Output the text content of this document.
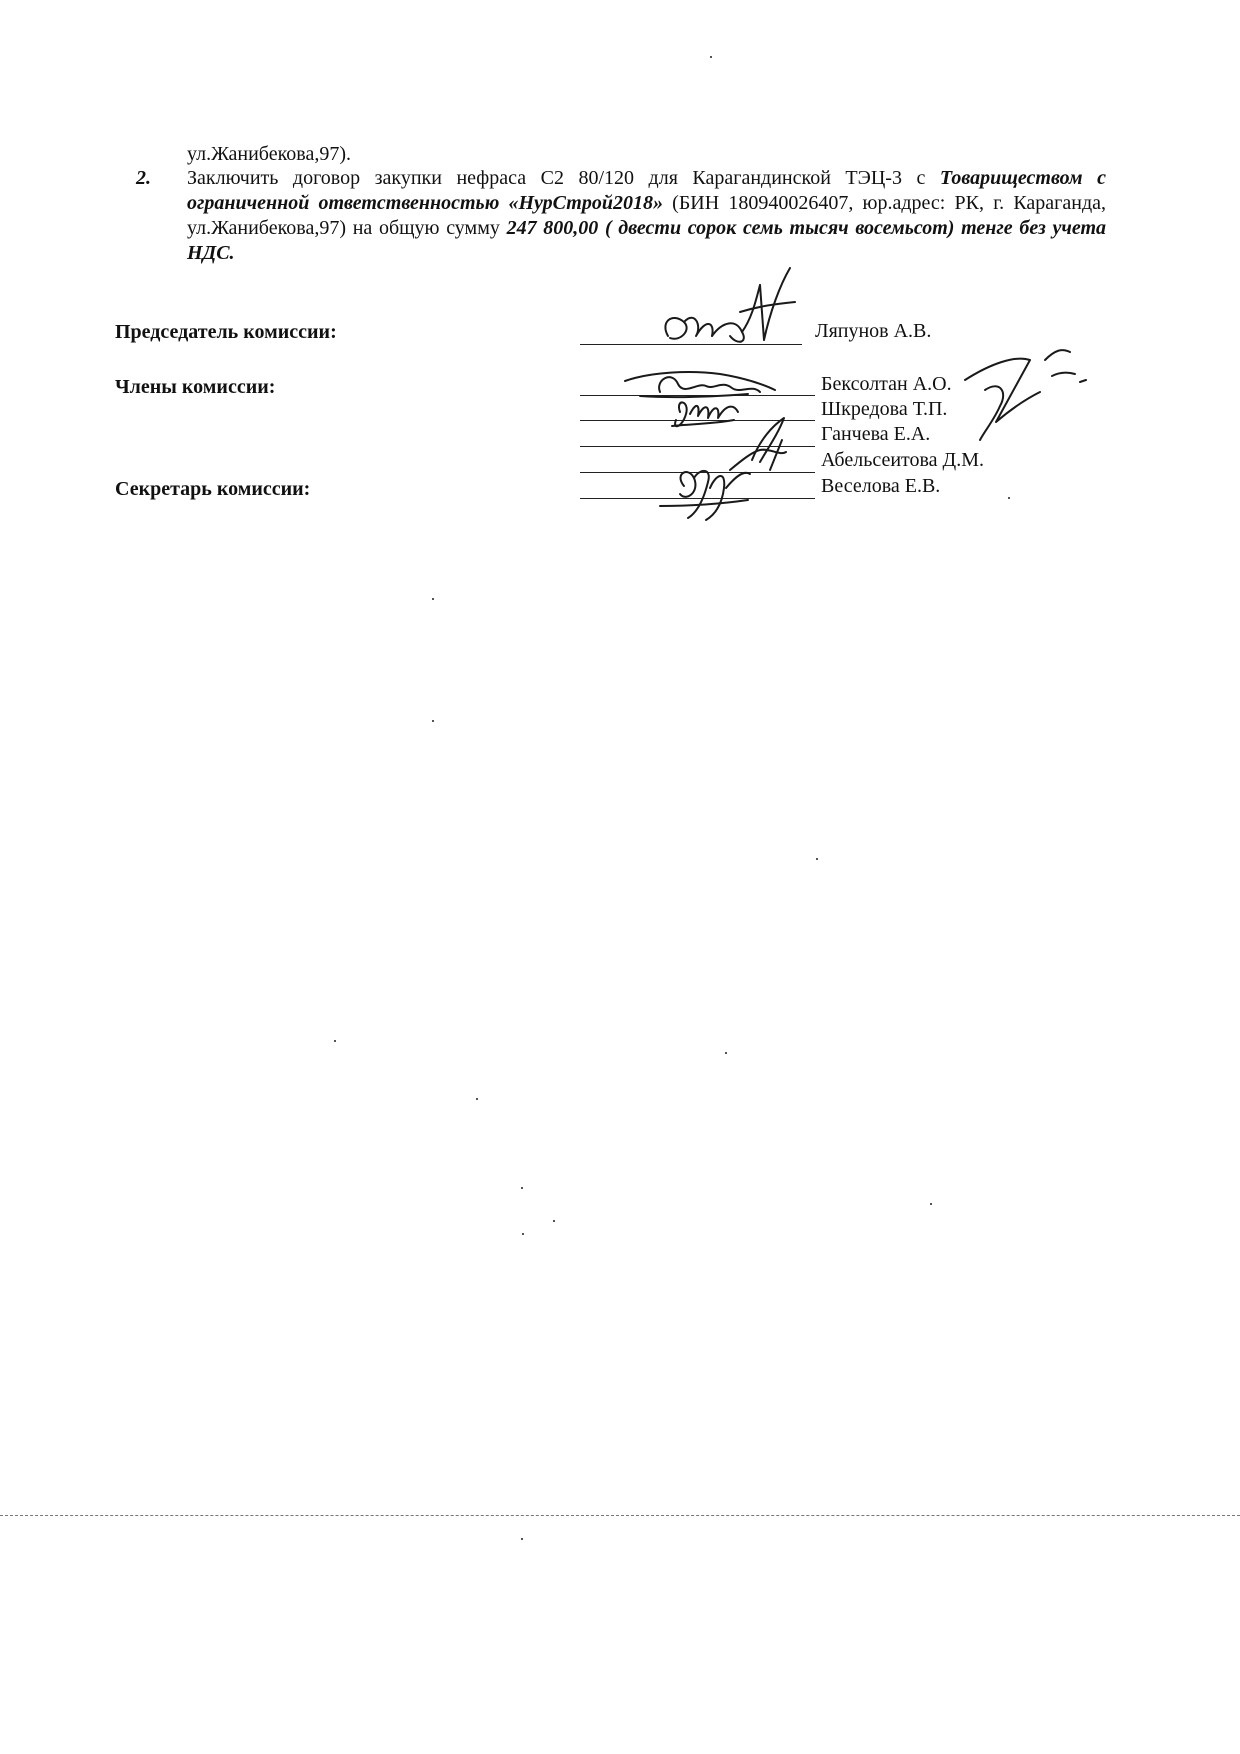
ул.Жанибекова,97).
2. Заключить договор закупки нефраса С2 80/120 для Карагандинской ТЭЦ-3 с Товариществом с ограниченной ответственностью «НурСтрой2018» (БИН 180940026407, юр.адрес: РК, г. Караганда, ул.Жанибекова,97) на общую сумму 247 800,00 ( двести сорок семь тысяч восемьсот) тенге без учета НДС.
Председатель комиссии:	Ляпунов А.В.
Члены комиссии:	Бексолтан А.О.
Шкредова Т.П.
Ганчева Е.А.
Абельсеитова Д.М.
Секретарь комиссии:	Веселова Е.В.
